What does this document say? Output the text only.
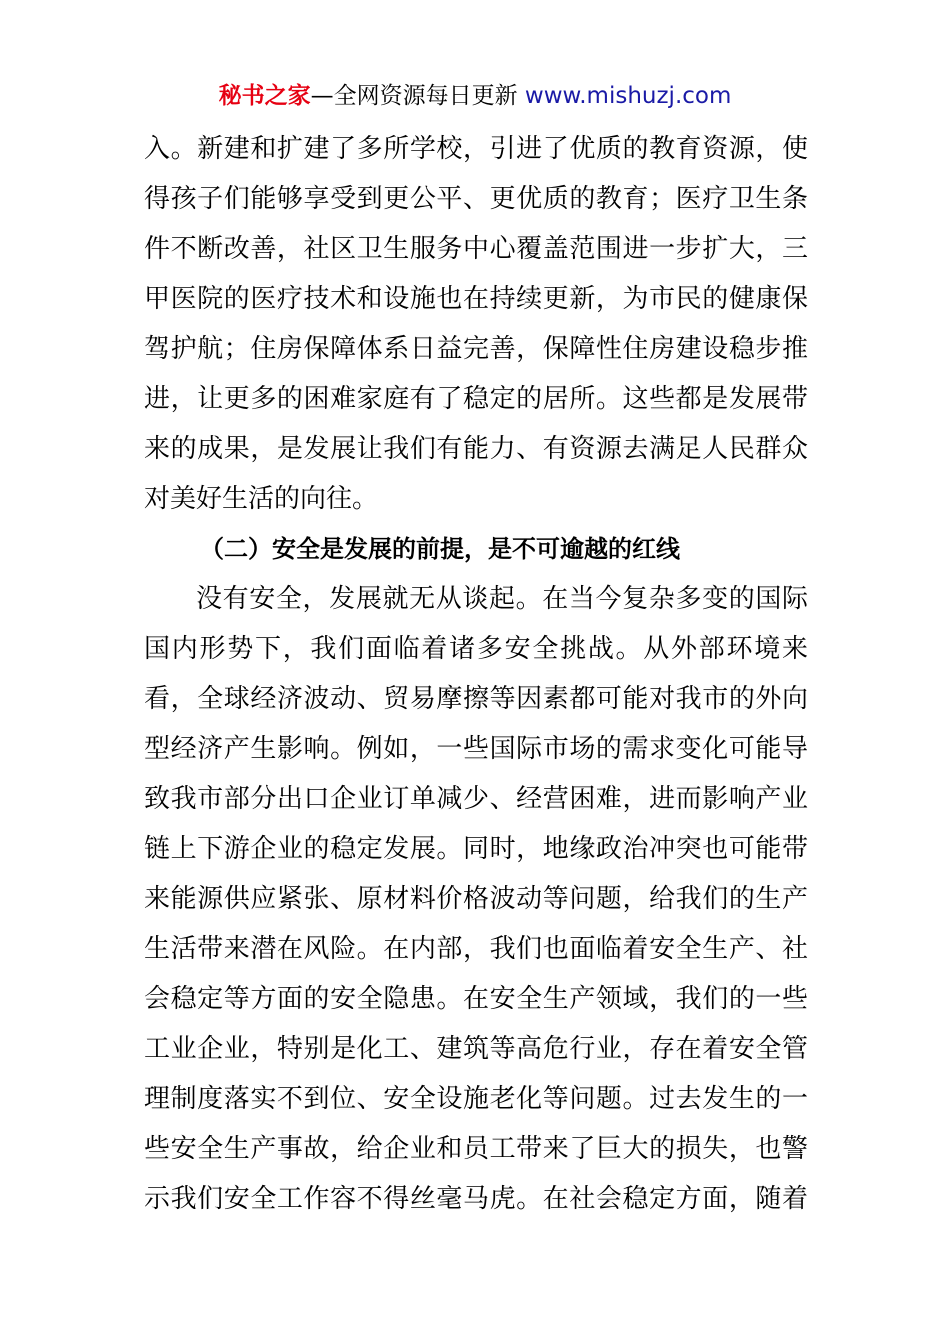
秘书之家—全网资源每日更新 www.mishuzj.com
入。新建和扩建了多所学校，引进了优质的教育资源，使
得孩子们能够享受到更公平、更优质的教育；医疗卫生条
件不断改善，社区卫生服务中心覆盖范围进一步扩大，三
甲医院的医疗技术和设施也在持续更新，为市民的健康保
驾护航；住房保障体系日益完善，保障性住房建设稳步推
进，让更多的困难家庭有了稳定的居所。这些都是发展带
来的成果，是发展让我们有能力、有资源去满足人民群众
对美好生活的向往。
（二）安全是发展的前提，是不可逾越的红线
没有安全，发展就无从谈起。在当今复杂多变的国际
国内形势下，我们面临着诸多安全挑战。从外部环境来
看，全球经济波动、贸易摩擦等因素都可能对我市的外向
型经济产生影响。例如，一些国际市场的需求变化可能导
致我市部分出口企业订单减少、经营困难，进而影响产业
链上下游企业的稳定发展。同时，地缘政治冲突也可能带
来能源供应紧张、原材料价格波动等问题，给我们的生产
生活带来潜在风险。在内部，我们也面临着安全生产、社
会稳定等方面的安全隐患。在安全生产领域，我们的一些
工业企业，特别是化工、建筑等高危行业，存在着安全管
理制度落实不到位、安全设施老化等问题。过去发生的一
些安全生产事故，给企业和员工带来了巨大的损失，也警
示我们安全工作容不得丝毫马虎。在社会稳定方面，随着
